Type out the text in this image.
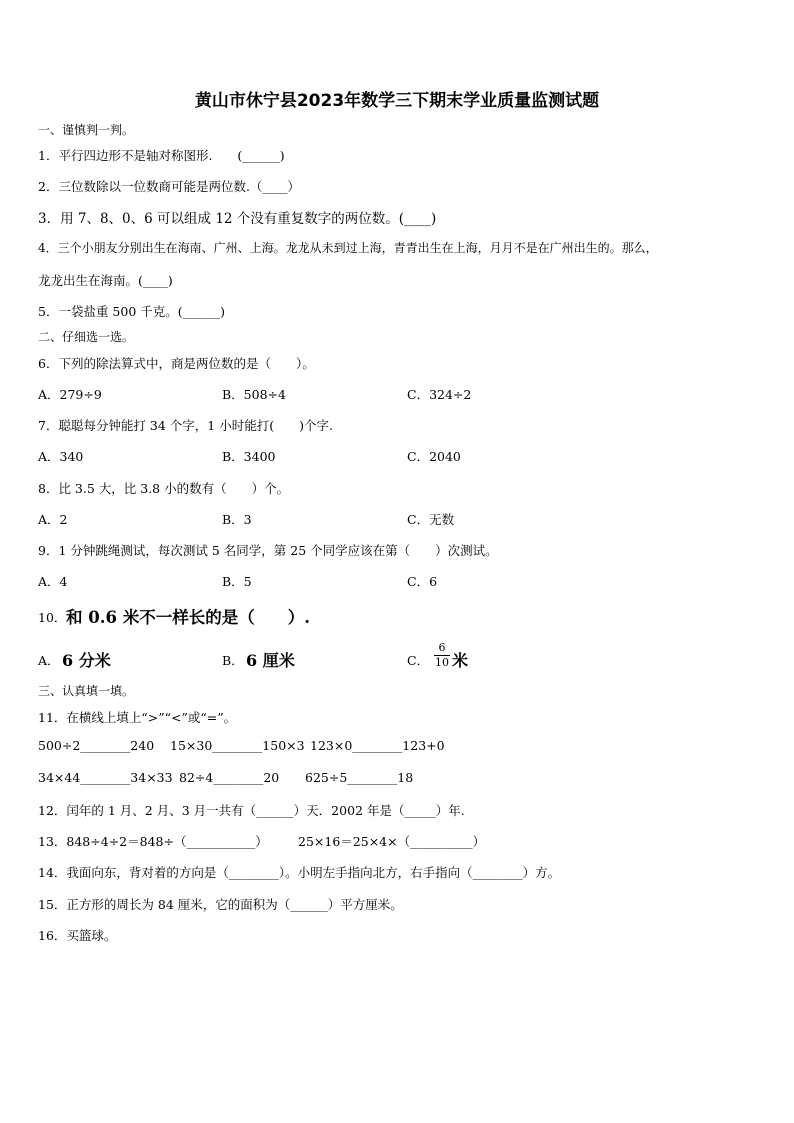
黄山市休宁县2023年数学三下期末学业质量监测试题
一、谨慎判一判。
1．平行四边形不是轴对称图形.　　(______)
2．三位数除以一位数商可能是两位数.（____）
3．用 7、8、0、6 可以组成 12 个没有重复数字的两位数。(____)
4．三个小朋友分别出生在海南、广州、上海。龙龙从未到过上海，青青出生在上海，月月不是在广州出生的。那么，
龙龙出生在海南。(____)
5．一袋盐重 500 千克。(______)
二、仔细选一选。
6．下列的除法算式中，商是两位数的是（　　）。
A．279÷9	B．508÷4	C．324÷2
7．聪聪每分钟能打 34 个字，1 小时能打(　　)个字.
A．340	B．3400	C．2040
8．比 3.5 大，比 3.8 小的数有（　　）个。
A．2	B．3	C．无数
9．1 分钟跳绳测试，每次测试 5 名同学，第 25 个同学应该在第（　　）次测试。
A．4	B．5	C．6
10． 和 0.6 米不一样长的是（　　）.
A． 6 分米	B． 6 厘米	C． $\frac{6}{10}$ 米
三、认真填一填。
11．在横线上填上“>”“<”或“=”。
500÷2________240 15×30________150×3 123×0________123+0
34×44________34×33 82÷4________20 625÷5________18
12．闰年的 1 月、2 月、3 月一共有（______）天．2002 年是（_____）年.
13．848÷4÷2＝848÷（___________） 25×16＝25×4×（__________）
14．我面向东，背对着的方向是（________）。小明左手指向北方，右手指向（________）方。
15．正方形的周长为 84 厘米，它的面积为（______）平方厘米。
16．买篮球。
